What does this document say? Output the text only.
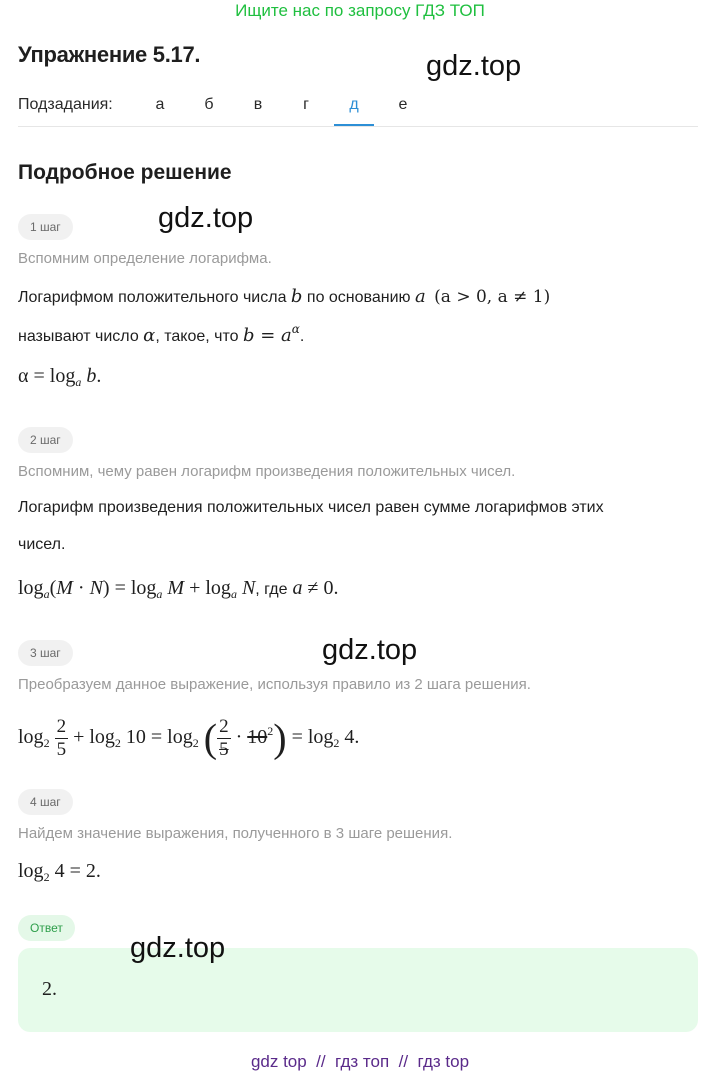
Ищите нас по запросу ГДЗ ТОП
Упражнение 5.17.	gdz.top
Подзадания:	а	б	в	г	д	е
Подробное решение
1 шаг	gdz.top
Вспомним определение логарифма.
Логарифмом положительного числа b по основанию a (a > 0, a ≠ 1)
называют число α, такое, что $b = a^\alpha$.
$\alpha = \log_a b$.
2 шаг
Вспомним, чему равен логарифм произведения положительных чисел.
Логарифм произведения положительных чисел равен сумме логарифмов этих
чисел.
$\log_a(M \cdot N) = \log_a M + \log_a N$, где a ≠ 0.
3 шаг	gdz.top
Преобразуем данное выражение, используя правило из 2 шага решения.
$\log_2 \frac{2}{5} + \log_2 10 = \log_2$ ( $\frac{2}{5} \cdot 10^2) = \log_2 4$.
4 шаг
Найдем значение выражения, полученного в 3 шаге решения.
$\log_2 4 = 2$.
Ответ
2.
gdz.top
gdz top  //  гдз топ  //  гдз top
